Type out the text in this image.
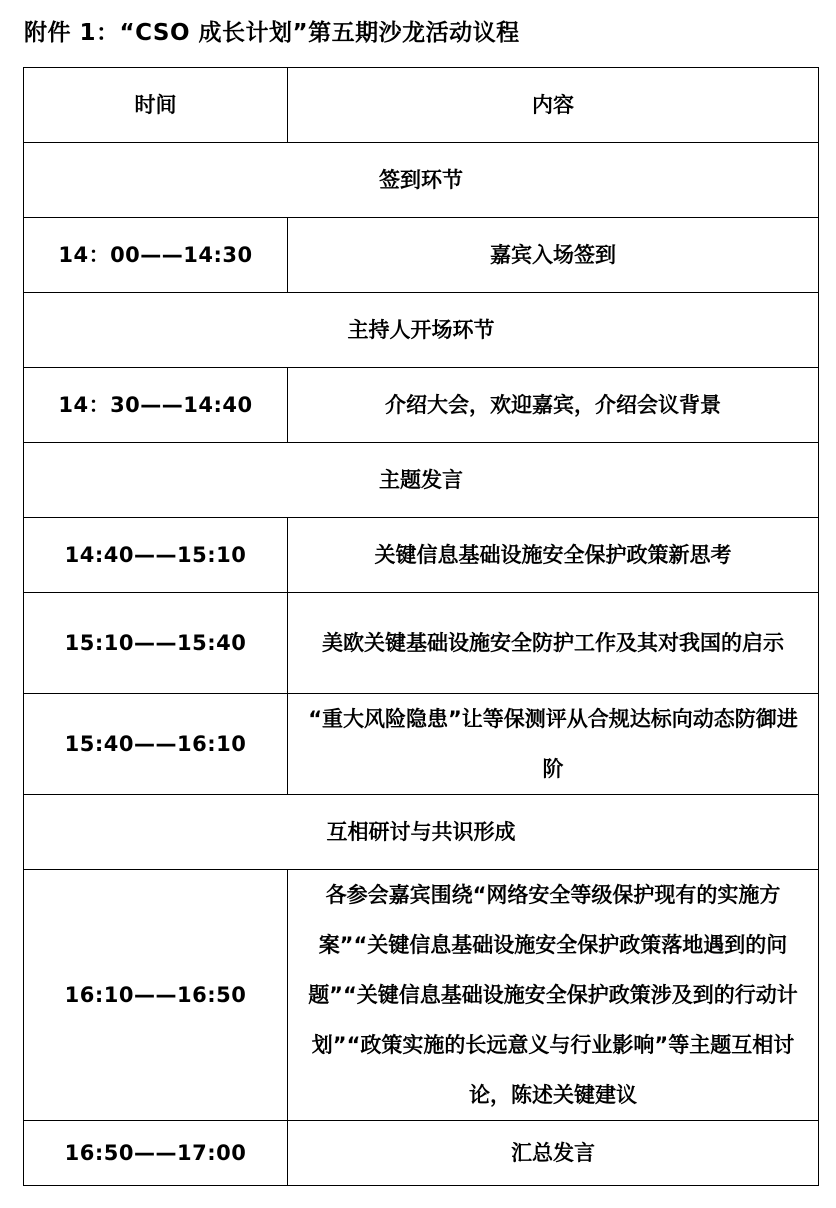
附件 1：“CSO 成长计划”第五期沙龙活动议程
时间	内容
签到环节	
14：00——14:30	嘉宾入场签到
主持人开场环节	
14：30——14:40	介绍大会，欢迎嘉宾，介绍会议背景
主题发言	
14:40——15:10	关键信息基础设施安全保护政策新思考
15:10——15:40	美欧关键基础设施安全防护工作及其对我国的启示
15:40——16:10	“重大风险隐患”让等保测评从合规达标向动态防御进阶
互相研讨与共识形成	
16:10——16:50	各参会嘉宾围绕“网络安全等级保护现有的实施方案”“关键信息基础设施安全保护政策落地遇到的问题”“关键信息基础设施安全保护政策涉及到的行动计划”“政策实施的长远意义与行业影响”等主题互相讨论，陈述关键建议
16:50——17:00	汇总发言
